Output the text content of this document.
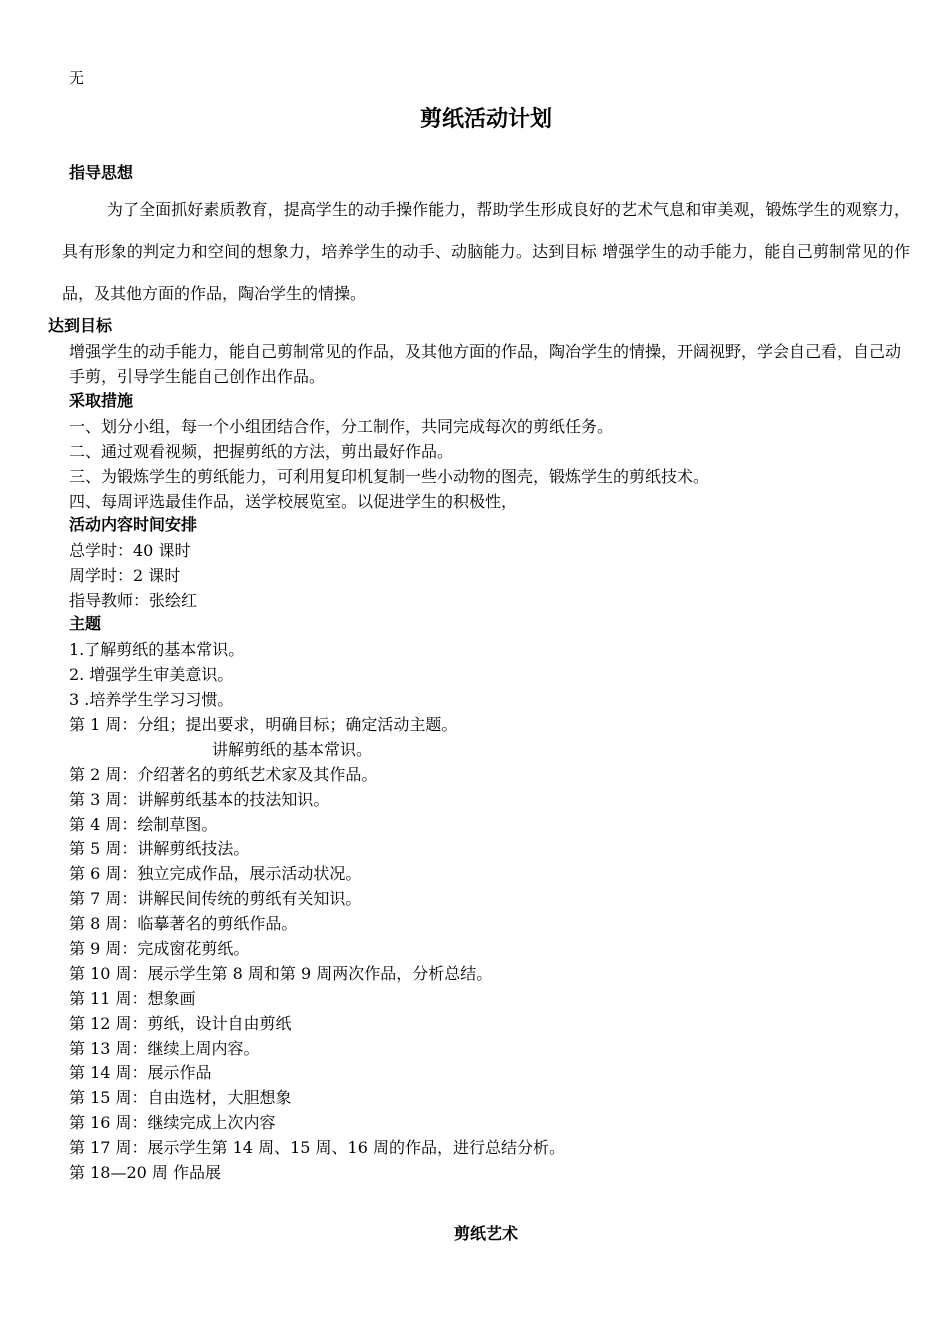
无
剪纸活动计划
指导思想
为了全面抓好素质教育，提高学生的动手操作能力，帮助学生形成良好的艺术气息和审美观，锻炼学生的观察力，具有形象的判定力和空间的想象力，培养学生的动手、动脑能力。达到目标 增强学生的动手能力，能自己剪制常见的作品，及其他方面的作品，陶冶学生的情操。
达到目标
增强学生的动手能力，能自己剪制常见的作品，及其他方面的作品，陶冶学生的情操，开阔视野，学会自己看，自己动手剪，引导学生能自己创作出作品。
采取措施
一、划分小组，每一个小组团结合作，分工制作，共同完成每次的剪纸任务。
二、通过观看视频，把握剪纸的方法，剪出最好作品。
三、为锻炼学生的剪纸能力，可利用复印机复制一些小动物的图壳，锻炼学生的剪纸技术。
四、每周评选最佳作品，送学校展览室。以促进学生的积极性，
活动内容时间安排
总学时：40 课时
周学时：2 课时
指导教师：张绘红
主题
1.了解剪纸的基本常识。
2. 增强学生审美意识。
3 .培养学生学习习惯。
第 1 周：分组；提出要求，明确目标；确定活动主题。
讲解剪纸的基本常识。
第 2 周：介绍著名的剪纸艺术家及其作品。
第 3 周：讲解剪纸基本的技法知识。
第 4 周：绘制草图。
第 5 周：讲解剪纸技法。
第 6 周：独立完成作品，展示活动状况。
第 7 周：讲解民间传统的剪纸有关知识。
第 8 周：临摹著名的剪纸作品。
第 9 周：完成窗花剪纸。
第 10 周：展示学生第 8 周和第 9 周两次作品，分析总结。
第 11 周：想象画
第 12 周：剪纸，设计自由剪纸
第 13 周：继续上周内容。
第 14 周：展示作品
第 15 周：自由选材，大胆想象
第 16 周：继续完成上次内容
第 17 周：展示学生第 14 周、15 周、16 周的作品，进行总结分析。
第 18—20 周 作品展
剪纸艺术
